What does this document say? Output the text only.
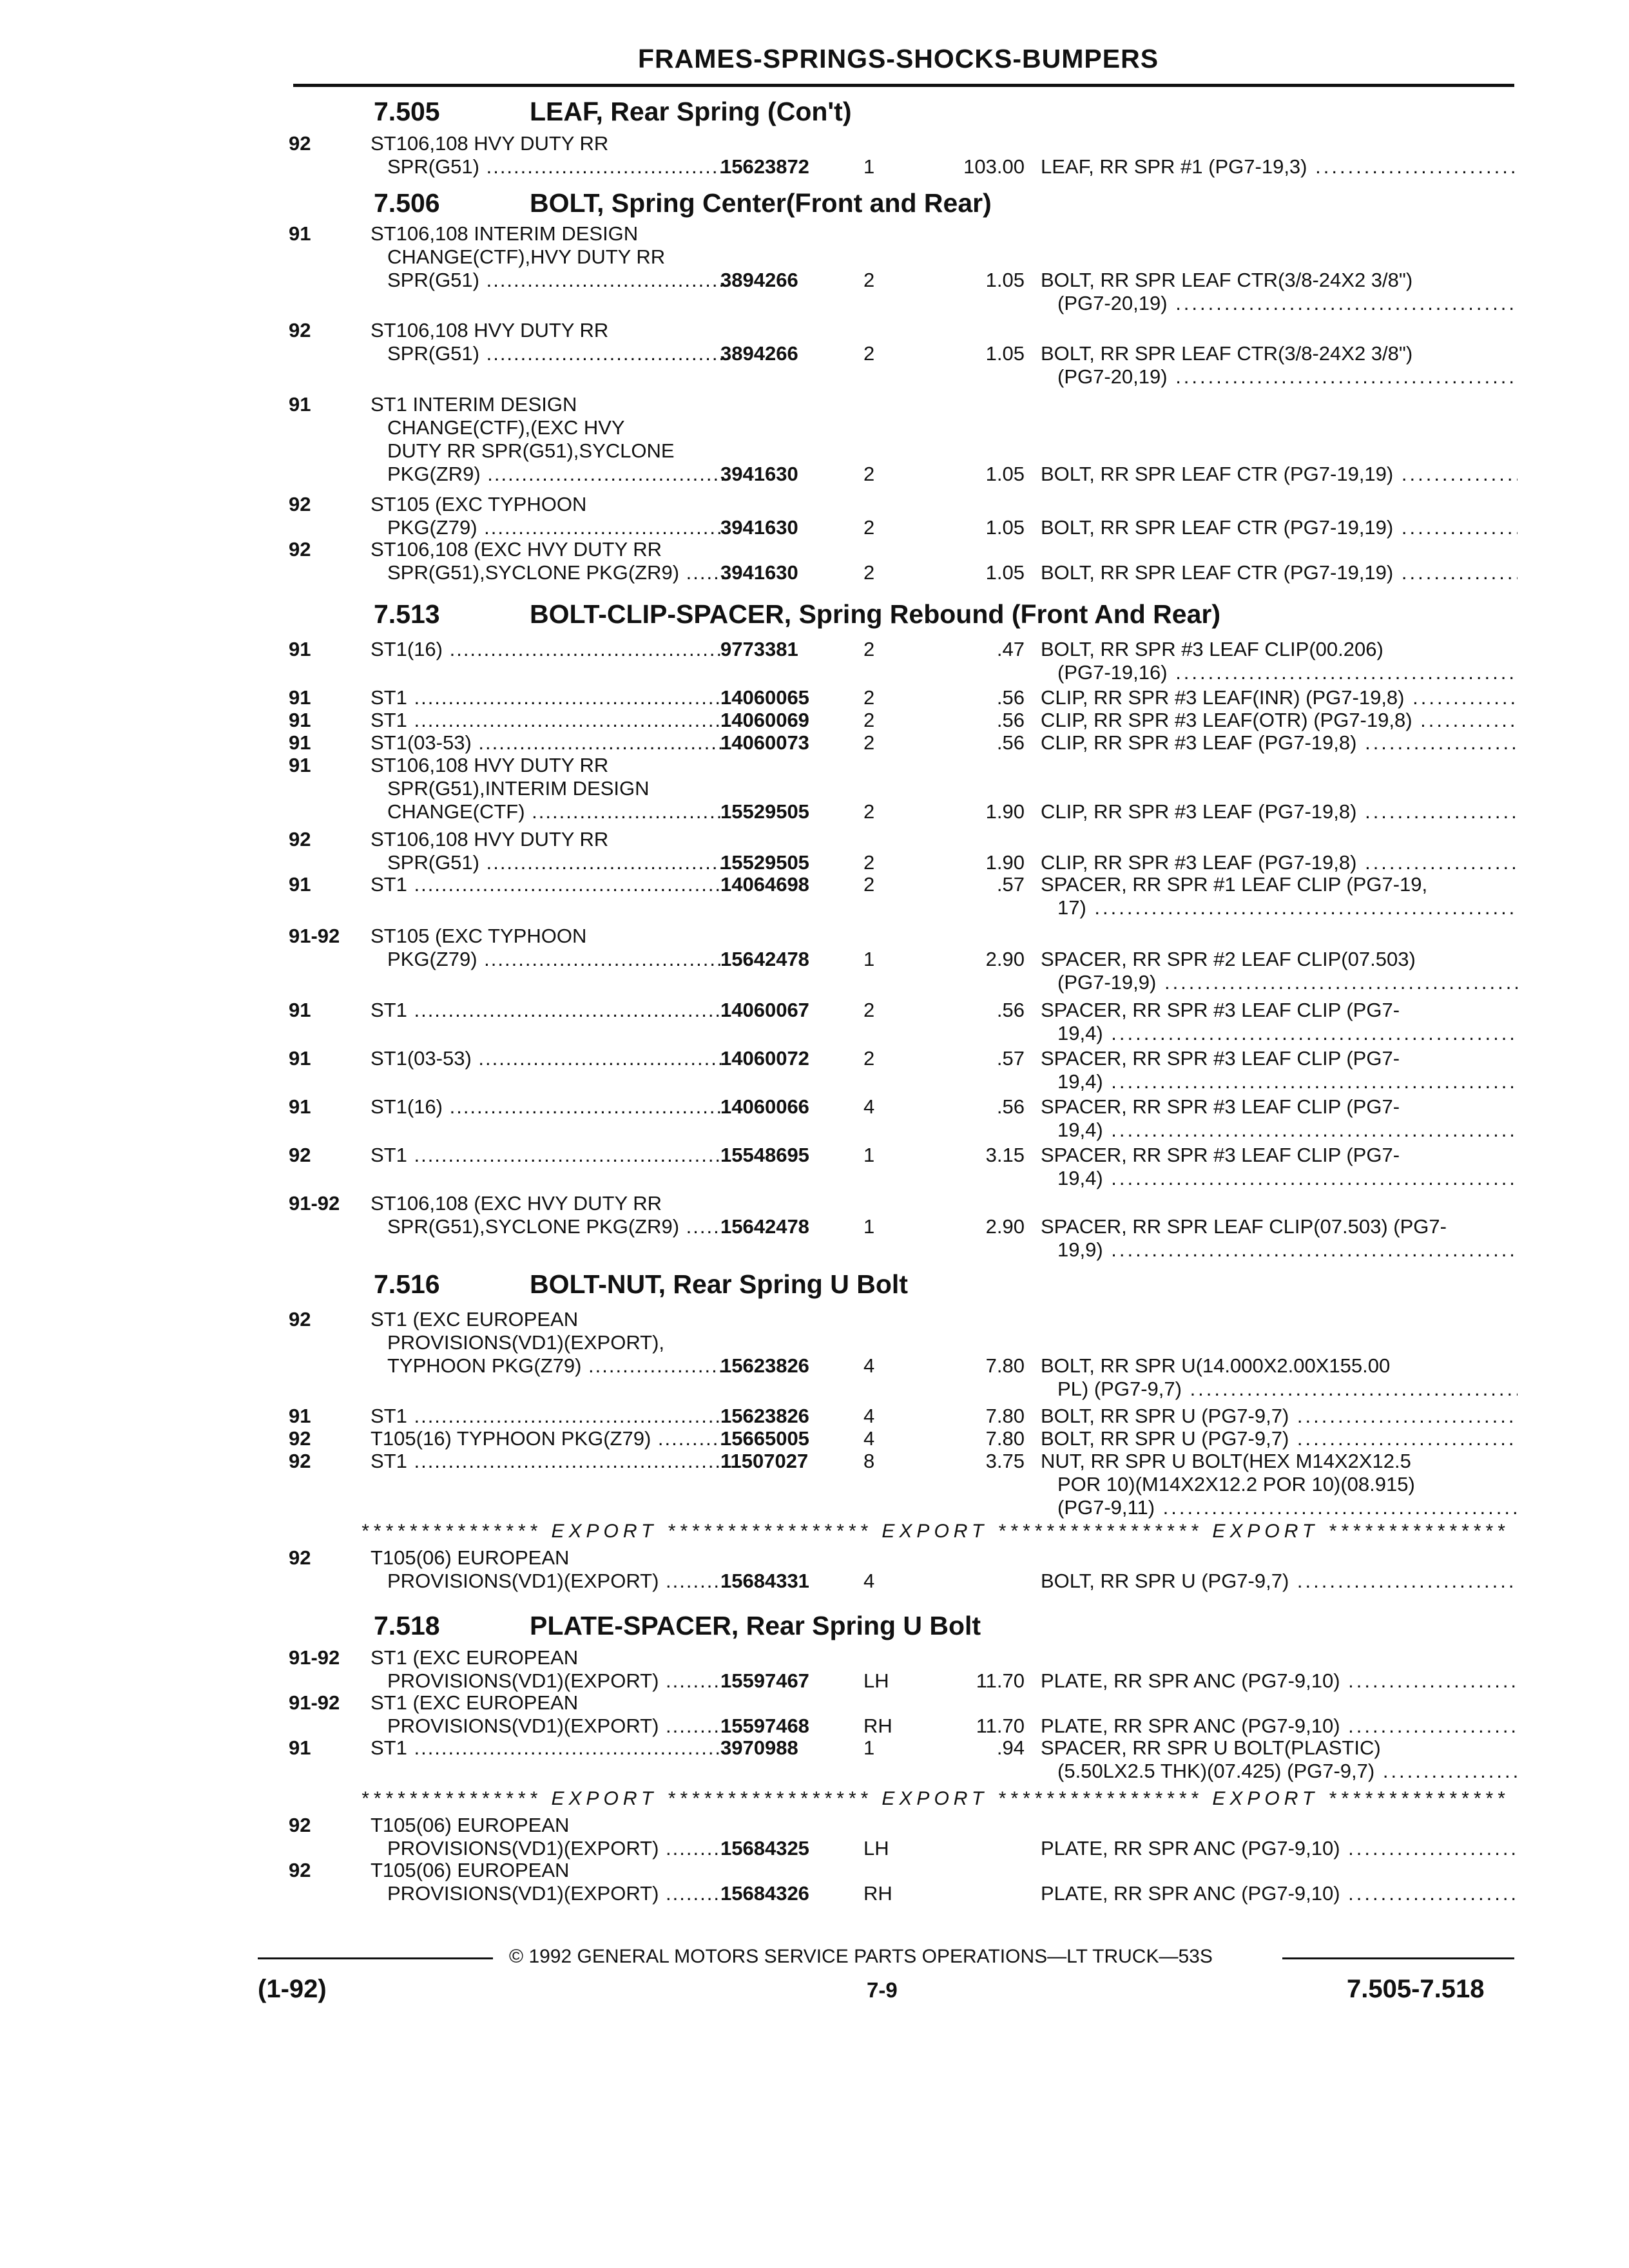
FRAMES-SPRINGS-SHOCKS-BUMPERS
7.505	LEAF, Rear Spring (Con't)
92	ST106,108 HVY DUTY RR
SPR(G51) .....	15623872	1	103.00 LEAF, RR SPR #1 (PG7-19,3) .....
7.506	BOLT, Spring Center(Front and Rear)
91	ST106,108 INTERIM DESIGN
CHANGE(CTF),HVY DUTY RR
SPR(G51) .....	3894266	2	1.05 BOLT, RR SPR LEAF CTR(3/8-24X2 3/8")
(PG7-20,19) .....
92	ST106,108 HVY DUTY RR
SPR(G51) .....	3894266	2	1.05 BOLT, RR SPR LEAF CTR(3/8-24X2 3/8")
(PG7-20,19) .....
91	ST1 INTERIM DESIGN
CHANGE(CTF),(EXC HVY
DUTY RR SPR(G51),SYCLONE
PKG(ZR9) .....	3941630	2	1.05 BOLT, RR SPR LEAF CTR (PG7-19,19) .....
92	ST105 (EXC TYPHOON
PKG(Z79) .....	3941630	2	1.05 BOLT, RR SPR LEAF CTR (PG7-19,19) .....
92	ST106,108 (EXC HVY DUTY RR
SPR(G51),SYCLONE PKG(ZR9) .....	3941630	2	1.05 BOLT, RR SPR LEAF CTR (PG7-19,19) .....
7.513	BOLT-CLIP-SPACER, Spring Rebound (Front And Rear)
91	ST1(16) .....	9773381	2	.47 BOLT, RR SPR #3 LEAF CLIP(00.206)
(PG7-19,16) .....
91	ST1 .....	14060065	2	.56 CLIP, RR SPR #3 LEAF(INR) (PG7-19,8) .....
91	ST1 .....	14060069	2	.56 CLIP, RR SPR #3 LEAF(OTR) (PG7-19,8) .....
91	ST1(03-53) .....	14060073	2	.56 CLIP, RR SPR #3 LEAF (PG7-19,8) .....
91	ST106,108 HVY DUTY RR
SPR(G51),INTERIM DESIGN
CHANGE(CTF) .....	15529505	2	1.90 CLIP, RR SPR #3 LEAF (PG7-19,8) .....
92	ST106,108 HVY DUTY RR
SPR(G51) .....	15529505	2	1.90 CLIP, RR SPR #3 LEAF (PG7-19,8) .....
91	ST1 .....	14064698	2	.57 SPACER, RR SPR #1 LEAF CLIP (PG7-19,
17) .....
91-92 ST105 (EXC TYPHOON
PKG(Z79) .....	15642478	1	2.90 SPACER, RR SPR #2 LEAF CLIP(07.503)
(PG7-19,9) .....
91	ST1 .....	14060067	2	.56 SPACER, RR SPR #3 LEAF CLIP (PG7-
19,4) .....
91	ST1(03-53) .....	14060072	2	.57 SPACER, RR SPR #3 LEAF CLIP (PG7-
19,4) .....
91	ST1(16) .....	14060066	4	.56 SPACER, RR SPR #3 LEAF CLIP (PG7-
19,4) .....
92	ST1 .....	15548695	1	3.15 SPACER, RR SPR #3 LEAF CLIP (PG7-
19,4) .....
91-92 ST106,108 (EXC HVY DUTY RR
SPR(G51),SYCLONE PKG(ZR9) .....	15642478	1	2.90 SPACER, RR SPR LEAF CLIP(07.503) (PG7-
19,9) .....
7.516	BOLT-NUT, Rear Spring U Bolt
92	ST1 (EXC EUROPEAN
PROVISIONS(VD1)(EXPORT),
TYPHOON PKG(Z79) .....	15623826	4	7.80 BOLT, RR SPR U(14.000X2.00X155.00
PL) (PG7-9,7) .....
91	ST1 .....	15623826	4	7.80 BOLT, RR SPR U (PG7-9,7) .....
92	T105(16) TYPHOON PKG(Z79) .....	15665005	4	7.80 BOLT, RR SPR U (PG7-9,7) .....
92	ST1 .....	11507027	8	3.75 NUT, RR SPR U BOLT(HEX M14X2X12.5
POR 10)(M14X2X12.2 POR 10)(08.915)
(PG7-9,11) .....
92	T105(06) EUROPEAN
PROVISIONS(VD1)(EXPORT) .....	15684331	4	BOLT, RR SPR U (PG7-9,7) .....
7.518	PLATE-SPACER, Rear Spring U Bolt
91-92 ST1 (EXC EUROPEAN
PROVISIONS(VD1)(EXPORT) .....	15597467	LH	11.70 PLATE, RR SPR ANC (PG7-9,10) .....
91-92 ST1 (EXC EUROPEAN
PROVISIONS(VD1)(EXPORT) .....	15597468	RH	11.70 PLATE, RR SPR ANC (PG7-9,10) .....
91	ST1 .....	3970988	1	.94 SPACER, RR SPR U BOLT(PLASTIC)
(5.50LX2.5 THK)(07.425) (PG7-9,7) .....
92	T105(06) EUROPEAN
PROVISIONS(VD1)(EXPORT) .....	15684325	LH	PLATE, RR SPR ANC (PG7-9,10) .....
92	T105(06) EUROPEAN
PROVISIONS(VD1)(EXPORT) .....	15684326	RH	PLATE, RR SPR ANC (PG7-9,10) .....
*************** EXPORT ***************** EXPORT ***************** EXPORT ***************
*************** EXPORT ***************** EXPORT ***************** EXPORT ***************
© 1992 GENERAL MOTORS SERVICE PARTS OPERATIONS—LT TRUCK—53S
(1-92)	7-9	7.505-7.518
